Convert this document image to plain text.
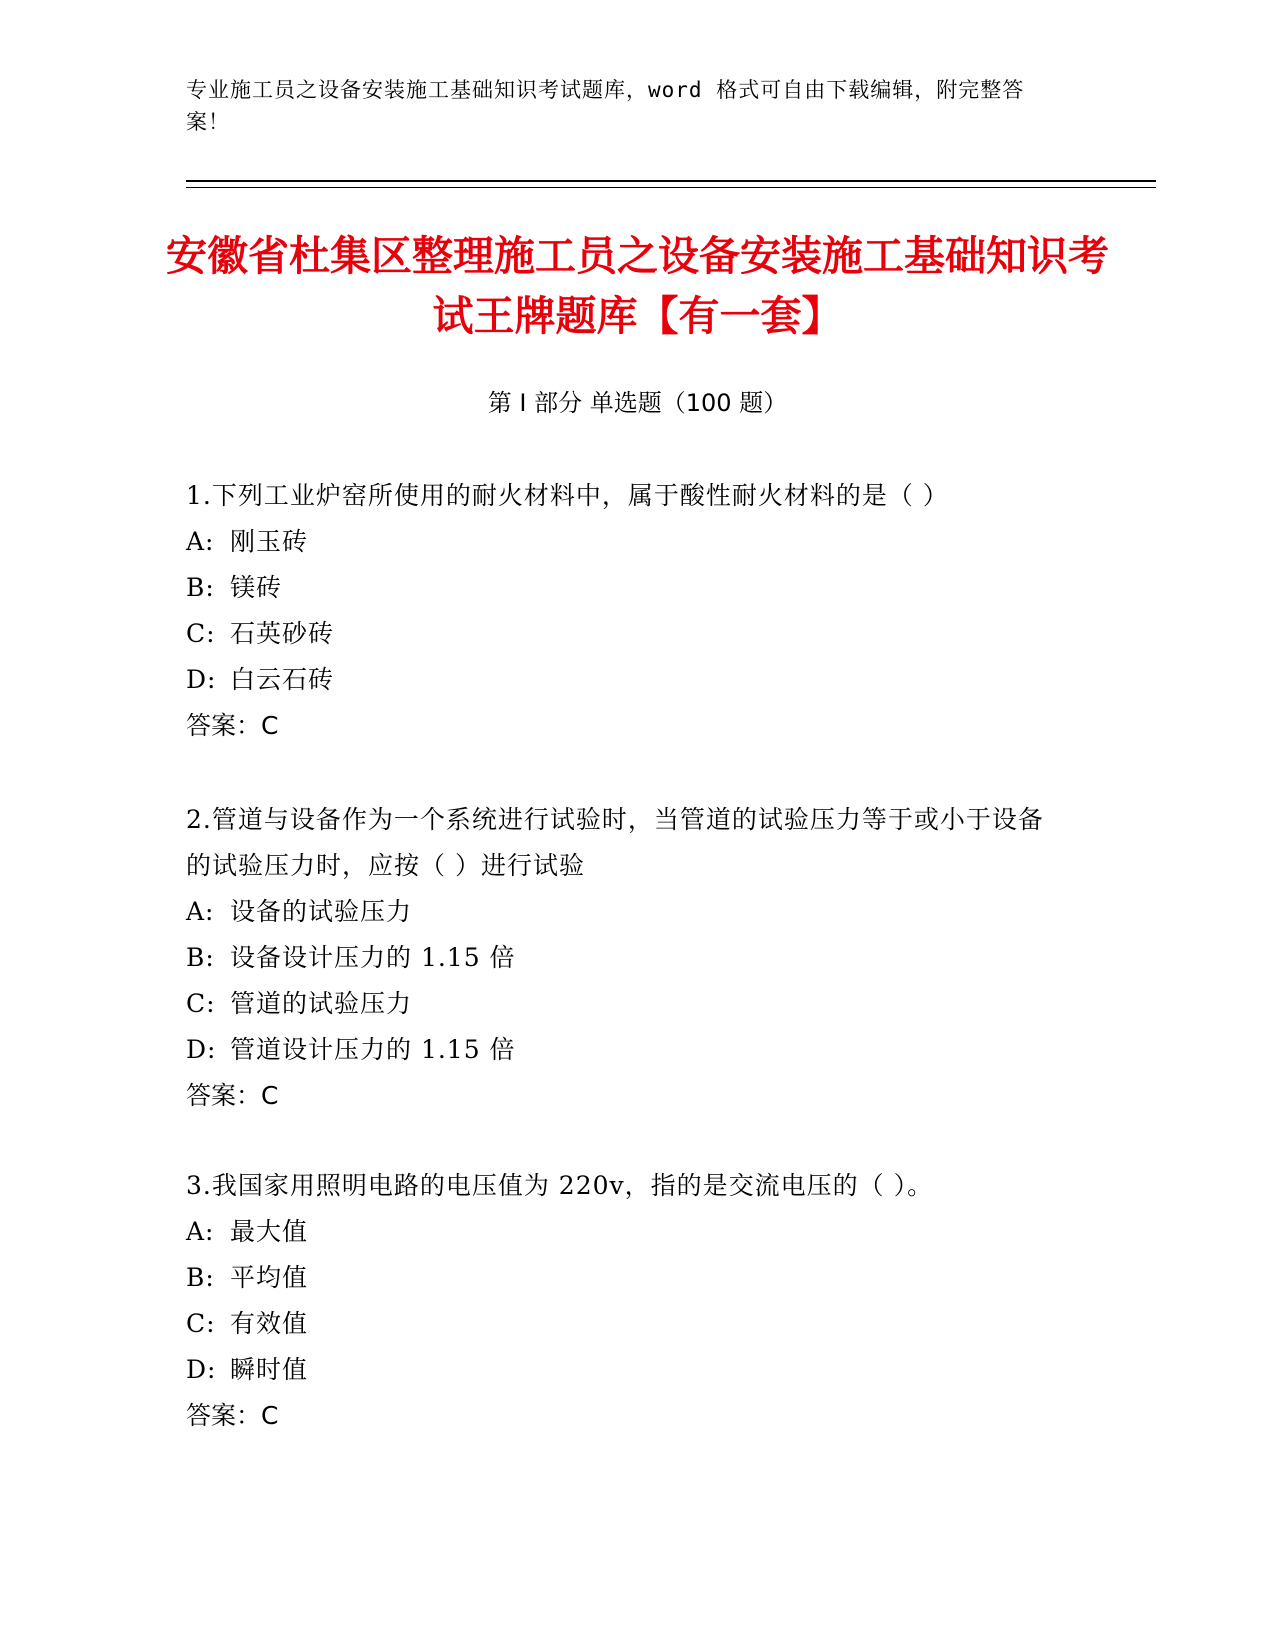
专业施工员之设备安装施工基础知识考试题库，word 格式可自由下载编辑，附完整答案！
安徽省杜集区整理施工员之设备安装施工基础知识考试王牌题库【有一套】
第 I 部分 单选题（100 题）
1.下列工业炉窑所使用的耐火材料中，属于酸性耐火材料的是（ ）
A: 刚玉砖
B: 镁砖
C: 石英砂砖
D: 白云石砖
答案：C
2.管道与设备作为一个系统进行试验时，当管道的试验压力等于或小于设备的试验压力时，应按（ ）进行试验
A: 设备的试验压力
B: 设备设计压力的 1.15 倍
C: 管道的试验压力
D: 管道设计压力的 1.15 倍
答案：C
3.我国家用照明电路的电压值为 220v，指的是交流电压的（ ）。
A: 最大值
B: 平均值
C: 有效值
D: 瞬时值
答案：C
